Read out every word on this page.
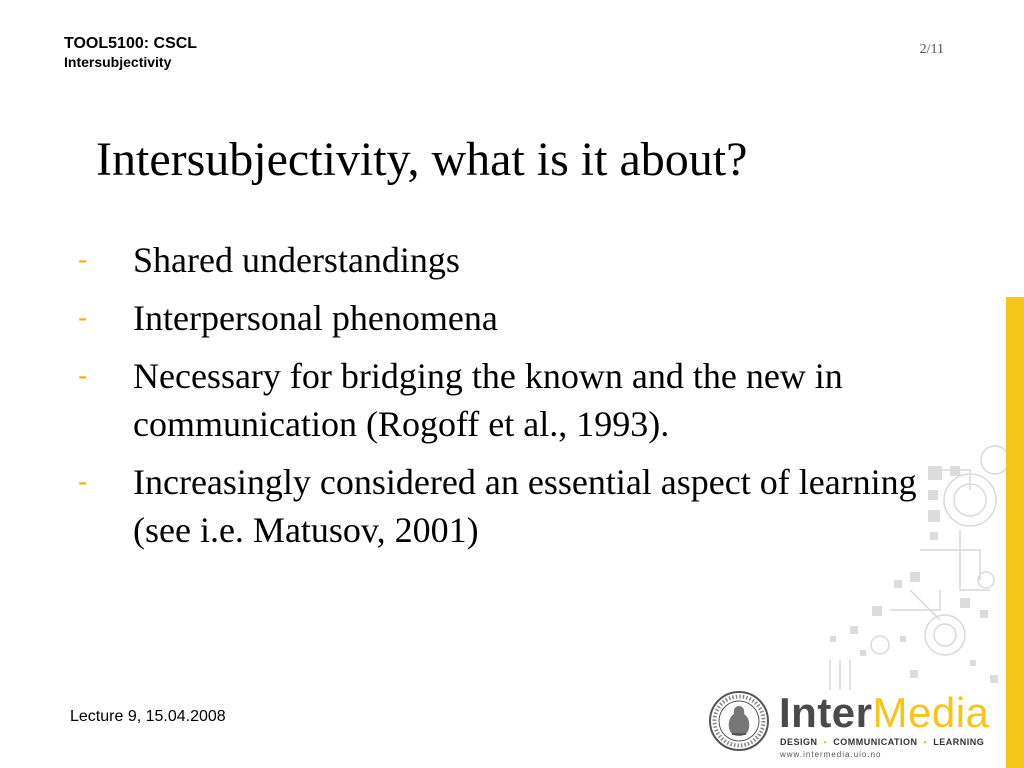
TOOL5100: CSCL
Intersubjectivity
2/11
Intersubjectivity, what is it about?
- Shared understandings
- Interpersonal phenomena
- Necessary for bridging the known and the new in communication (Rogoff et al., 1993).
- Increasingly considered an essential aspect of learning (see i.e. Matusov, 2001)
Lecture 9, 15.04.2008	InterMedia
DESIGN • COMMUNICATION • LEARNING
www.intermedia.uio.no
